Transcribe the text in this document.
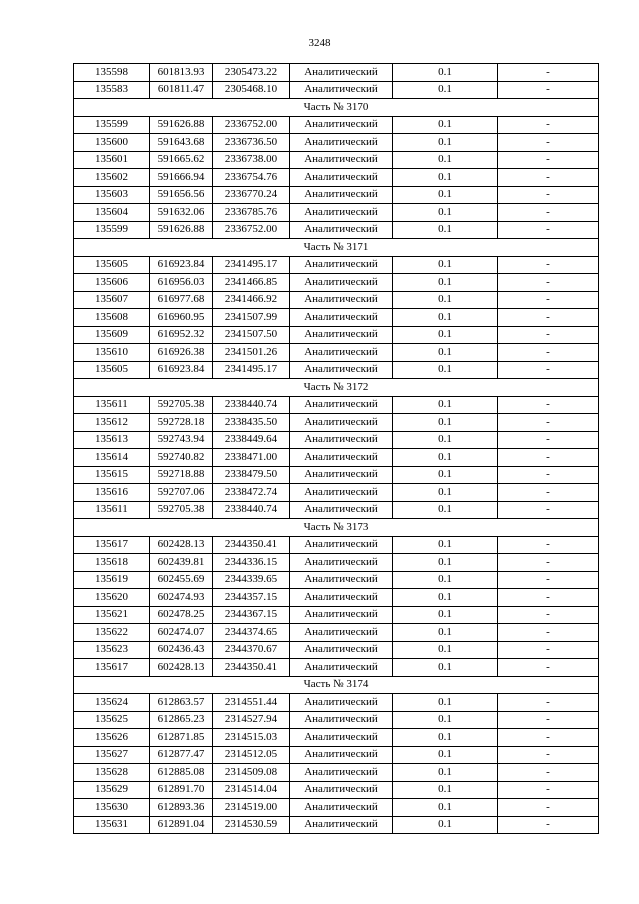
3248
135598	601813.93	2305473.22	Аналитический	0.1	-
135583	601811.47	2305468.10	Аналитический	0.1	-
Часть № 3170					
135599	591626.88	2336752.00	Аналитический	0.1	-
135600	591643.68	2336736.50	Аналитический	0.1	-
135601	591665.62	2336738.00	Аналитический	0.1	-
135602	591666.94	2336754.76	Аналитический	0.1	-
135603	591656.56	2336770.24	Аналитический	0.1	-
135604	591632.06	2336785.76	Аналитический	0.1	-
135599	591626.88	2336752.00	Аналитический	0.1	-
Часть № 3171					
135605	616923.84	2341495.17	Аналитический	0.1	-
135606	616956.03	2341466.85	Аналитический	0.1	-
135607	616977.68	2341466.92	Аналитический	0.1	-
135608	616960.95	2341507.99	Аналитический	0.1	-
135609	616952.32	2341507.50	Аналитический	0.1	-
135610	616926.38	2341501.26	Аналитический	0.1	-
135605	616923.84	2341495.17	Аналитический	0.1	-
Часть № 3172					
135611	592705.38	2338440.74	Аналитический	0.1	-
135612	592728.18	2338435.50	Аналитический	0.1	-
135613	592743.94	2338449.64	Аналитический	0.1	-
135614	592740.82	2338471.00	Аналитический	0.1	-
135615	592718.88	2338479.50	Аналитический	0.1	-
135616	592707.06	2338472.74	Аналитический	0.1	-
135611	592705.38	2338440.74	Аналитический	0.1	-
Часть № 3173					
135617	602428.13	2344350.41	Аналитический	0.1	-
135618	602439.81	2344336.15	Аналитический	0.1	-
135619	602455.69	2344339.65	Аналитический	0.1	-
135620	602474.93	2344357.15	Аналитический	0.1	-
135621	602478.25	2344367.15	Аналитический	0.1	-
135622	602474.07	2344374.65	Аналитический	0.1	-
135623	602436.43	2344370.67	Аналитический	0.1	-
135617	602428.13	2344350.41	Аналитический	0.1	-
Часть № 3174					
135624	612863.57	2314551.44	Аналитический	0.1	-
135625	612865.23	2314527.94	Аналитический	0.1	-
135626	612871.85	2314515.03	Аналитический	0.1	-
135627	612877.47	2314512.05	Аналитический	0.1	-
135628	612885.08	2314509.08	Аналитический	0.1	-
135629	612891.70	2314514.04	Аналитический	0.1	-
135630	612893.36	2314519.00	Аналитический	0.1	-
135631	612891.04	2314530.59	Аналитический	0.1	-
